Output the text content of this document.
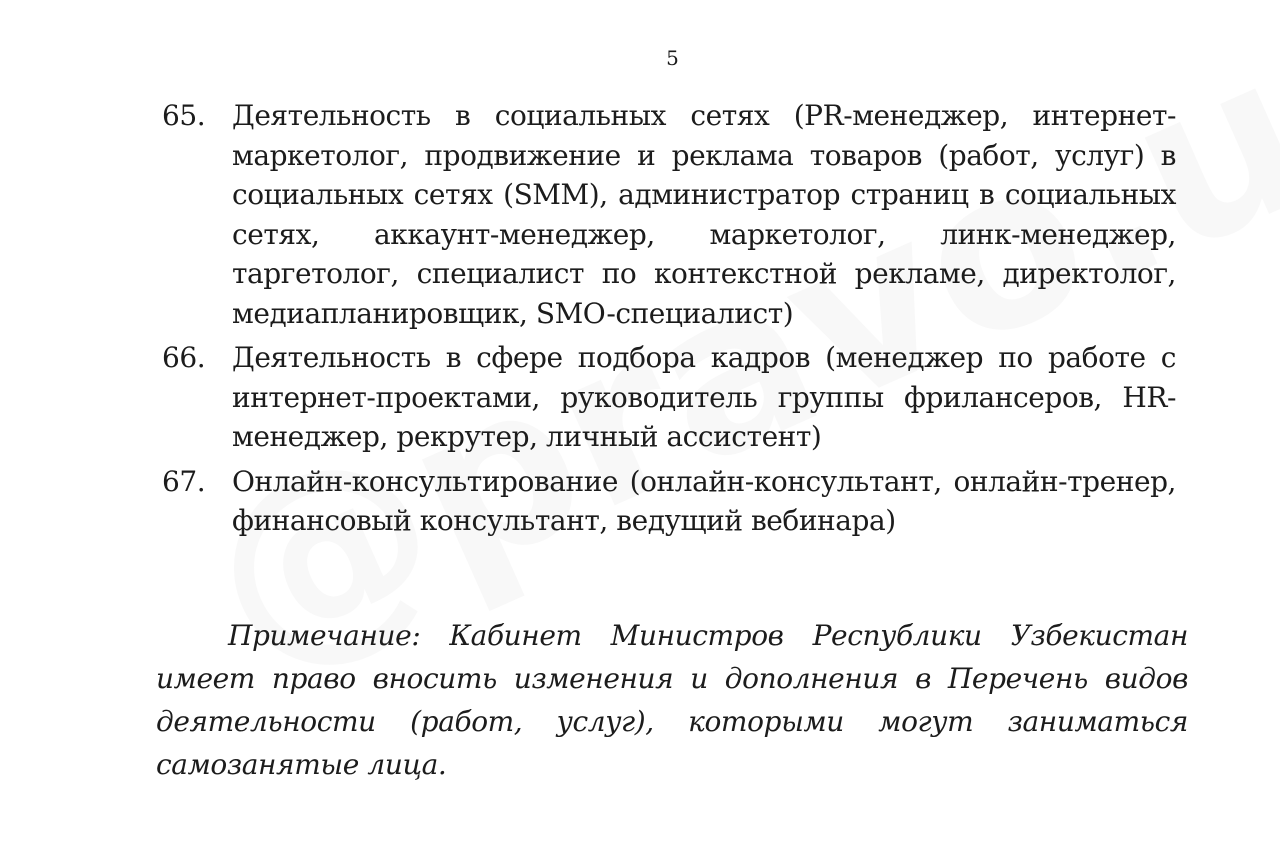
5
65. Деятельность в социальных сетях (PR-менеджер, интернет-маркетолог, продвижение и реклама товаров (работ, услуг) в социальных сетях (SMM), администратор страниц в социальных сетях, аккаунт-менеджер, маркетолог, линк-менеджер, таргетолог, специалист по контекстной рекламе, директолог, медиапланировщик, SMO-специалист)
66. Деятельность в сфере подбора кадров (менеджер по работе с интернет-проектами, руководитель группы фрилансеров, HR-менеджер, рекрутер, личный ассистент)
67. Онлайн-консультирование (онлайн-консультант, онлайн-тренер, финансовый консультант, ведущий вебинара)
Примечание: Кабинет Министров Республики Узбекистан имеет право вносить изменения и дополнения в Перечень видов деятельности (работ, услуг), которыми могут заниматься самозанятые лица.
